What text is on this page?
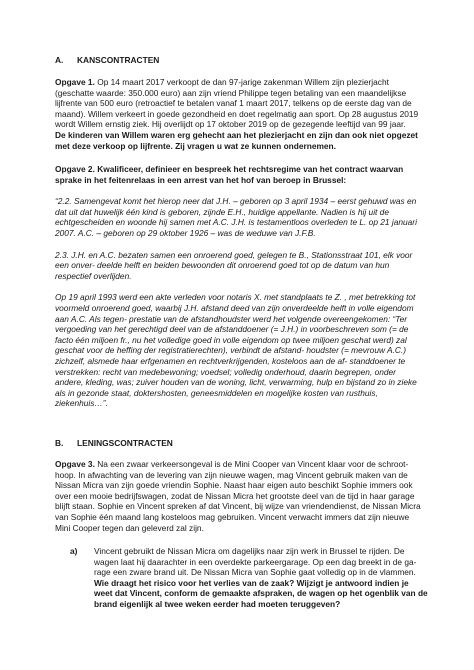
A.	KANSCONTRACTEN

Opgave 1. Op 14 maart 2017 verkoopt de dan 97-jarige zakenman Willem zijn plezierjacht (geschatte waarde: 350.000 euro) aan zijn vriend Philippe tegen betaling van een maandelijkse lijfrente van 500 euro (retroactief te betalen vanaf 1 maart 2017, telkens op de eerste dag van de maand). Willem verkeert in goede gezondheid en doet regelmatig aan sport. Op 28 augustus 2019 wordt Willem ernstig ziek. Hij overlijdt op 17 oktober 2019 op de gezegende leeftijd van 99 jaar.

De kinderen van Willem waren erg gehecht aan het plezierjacht en zijn dan ook niet opgezet met deze verkoop op lijfrente. Zij vragen u wat ze kunnen ondernemen.

Opgave 2. Kwalificeer, definieer en bespreek het rechtsregime van het contract waarvan sprake in het feitenrelaas in een arrest van het hof van beroep in Brussel:

“2.2. Samengevat komt het hierop neer dat J.H. – geboren op 3 april 1934 – eerst gehuwd was en dat uit dat huwelijk één kind is geboren, zijnde E.H., huidige appellante. Nadien is hij uit de echtgescheiden en woonde hij samen met A.C. J.H. is testamentloos overleden te L. op 21 januari 2007. A.C. – geboren op 29 oktober 1926 – was de weduwe van J.F.B.

2.3. J.H. en A.C. bezaten samen een onroerend goed, gelegen te B., Stationsstraat 101, elk voor een onver- deelde helft en beiden bewoonden dit onroerend goed tot op de datum van hun respectief overlijden.

Op 19 april 1993 werd een akte verleden voor notaris X. met standplaats te Z. , met betrekking tot voormeld onroerend goed, waarbij J.H. afstand deed van zijn onverdeelde helft in volle eigendom aan A.C. Als tegen- prestatie van de afstandhoudster werd het volgende overeengekomen: “Ter vergoeding van het gerechtigd deel van de afstanddoener (= J.H.) in voorbeschreven som (= de facto één miljoen fr., nu het volledige goed in volle eigendom op twee miljoen geschat werd) zal geschat voor de heffing der registratierechten), verbindt de afstand- houdster (= mevrouw A.C.) zichzelf, alsmede haar erfgenamen en rechtverkrijgenden, kosteloos aan de af- standdoener te verstrekken: recht van medebewoning; voedsel; volledig onderhoud, daarin begrepen, onder andere, kleding, was; zuiver houden van de woning, licht, verwarming, hulp en bijstand zo in zieke als in gezonde staat, doktershosten, geneesmiddelen en mogelijke kosten van rusthuis, ziekenhuis…”.

B.	LENINGSCONTRACTEN

Opgave 3. Na een zwaar verkeersongeval is de Mini Cooper van Vincent klaar voor de schroot- hoop. In afwachting van de levering van zijn nieuwe wagen, mag Vincent gebruik maken van de Nissan Micra van zijn goede vriendin Sophie. Naast haar eigen auto beschikt Sophie immers ook over een mooie bedrijfswagen, zodat de Nissan Micra het grootste deel van de tijd in haar garage blijft staan. Sophie en Vincent spreken af dat Vincent, bij wijze van vriendendienst, de Nissan Micra van Sophie één maand lang kosteloos mag gebruiken. Vincent verwacht immers dat zijn nieuwe Mini Cooper tegen dan geleverd zal zijn.

a)	Vincent gebruikt de Nissan Micra om dagelijks naar zijn werk in Brussel te rijden. De wagen laat hij daarachter in een overdekte parkeergarage. Op een dag breekt in de ga- rage een zware brand uit. De Nissan Micra van Sophie gaat volledig op in de vlammen. Wie draagt het risico voor het verlies van de zaak? Wijzigt je antwoord indien je weet dat Vincent, conform de gemaakte afspraken, de wagen op het ogenblik van de brand eigenlijk al twee weken eerder had moeten teruggeven?
